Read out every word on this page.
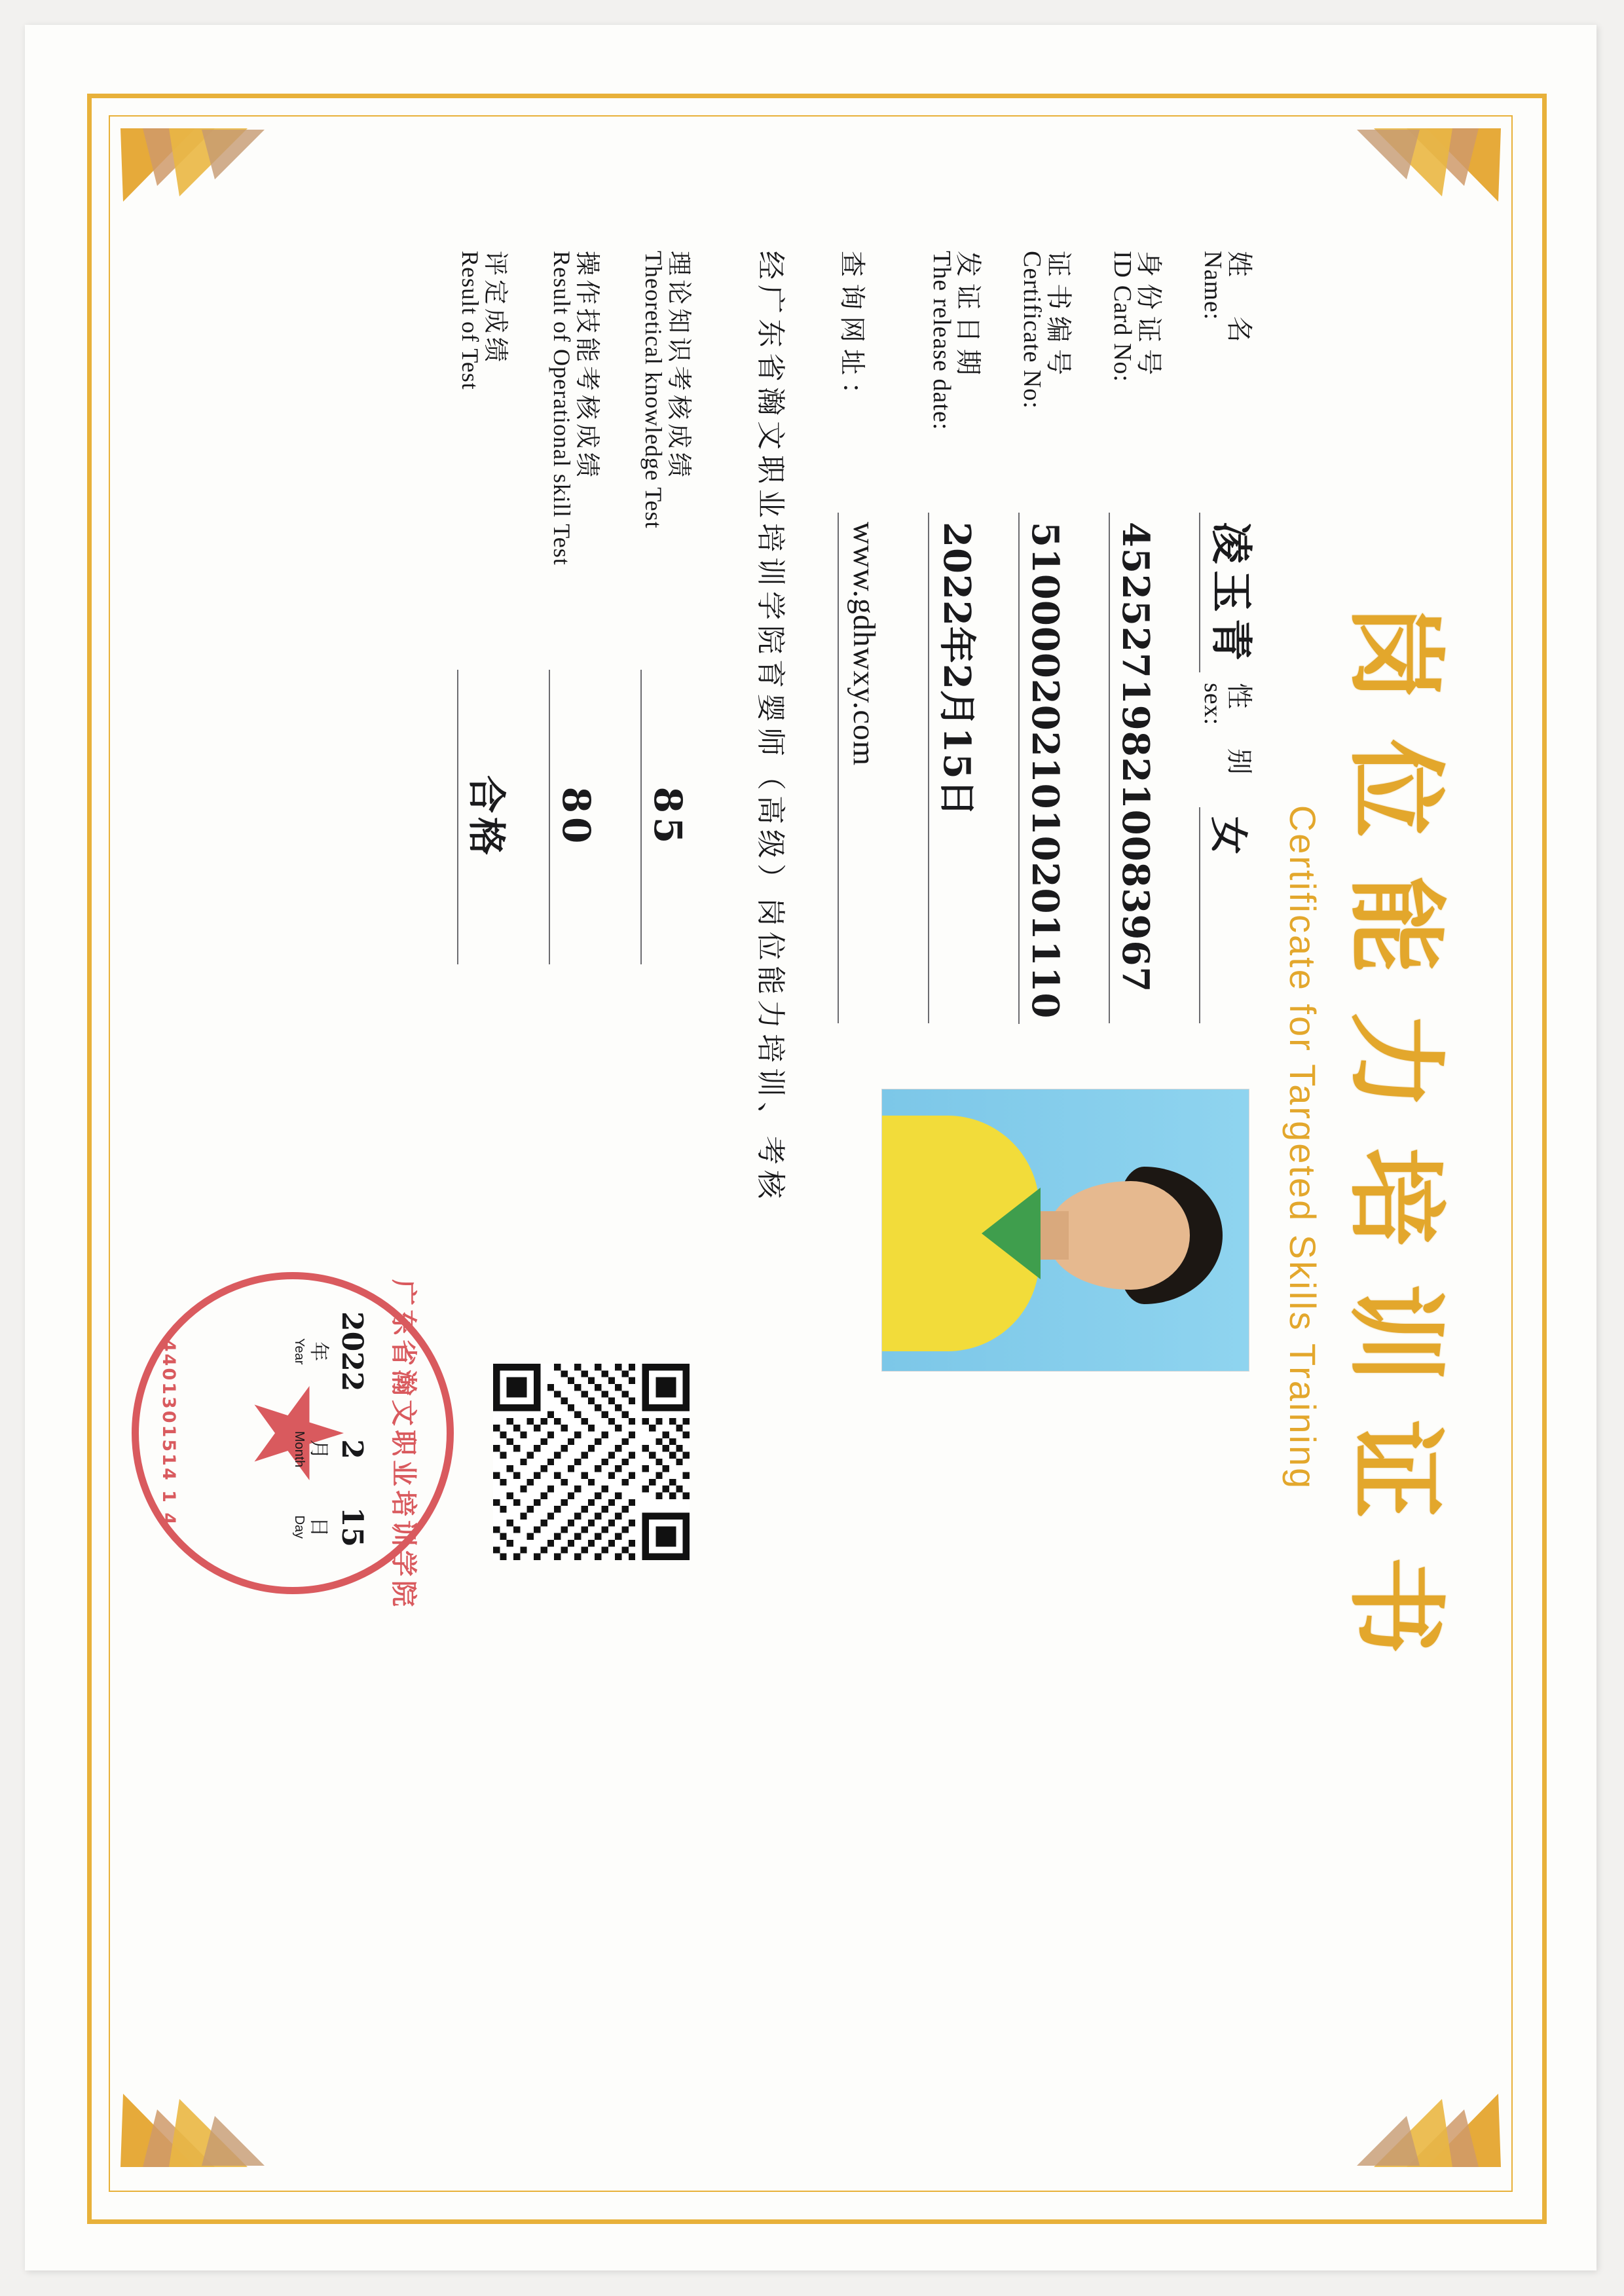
岗位能力培训证书
Certificate for Targeted Skills Training
姓　名
Name:
凌玉青
性　别
sex:
女
身份证号
ID Card No:
452527198210083967
证书编号
Certificate No:
5100002021010201110
发证日期
The release date:
2022年2月15日
查询网址：
www.gdhwxy.com
经广东省瀚文职业培训学院育婴师（高级）岗位能力培训、考核
理论知识考核成绩
Theoretical knowledge Test
85
操作技能考核成绩
Result of Operational skill Test
80
评定成绩
Result of Test
合格
广东省瀚文职业培训学院
4401301514 1 4	2022
年
Year
2
月
Month
15
日
Day
